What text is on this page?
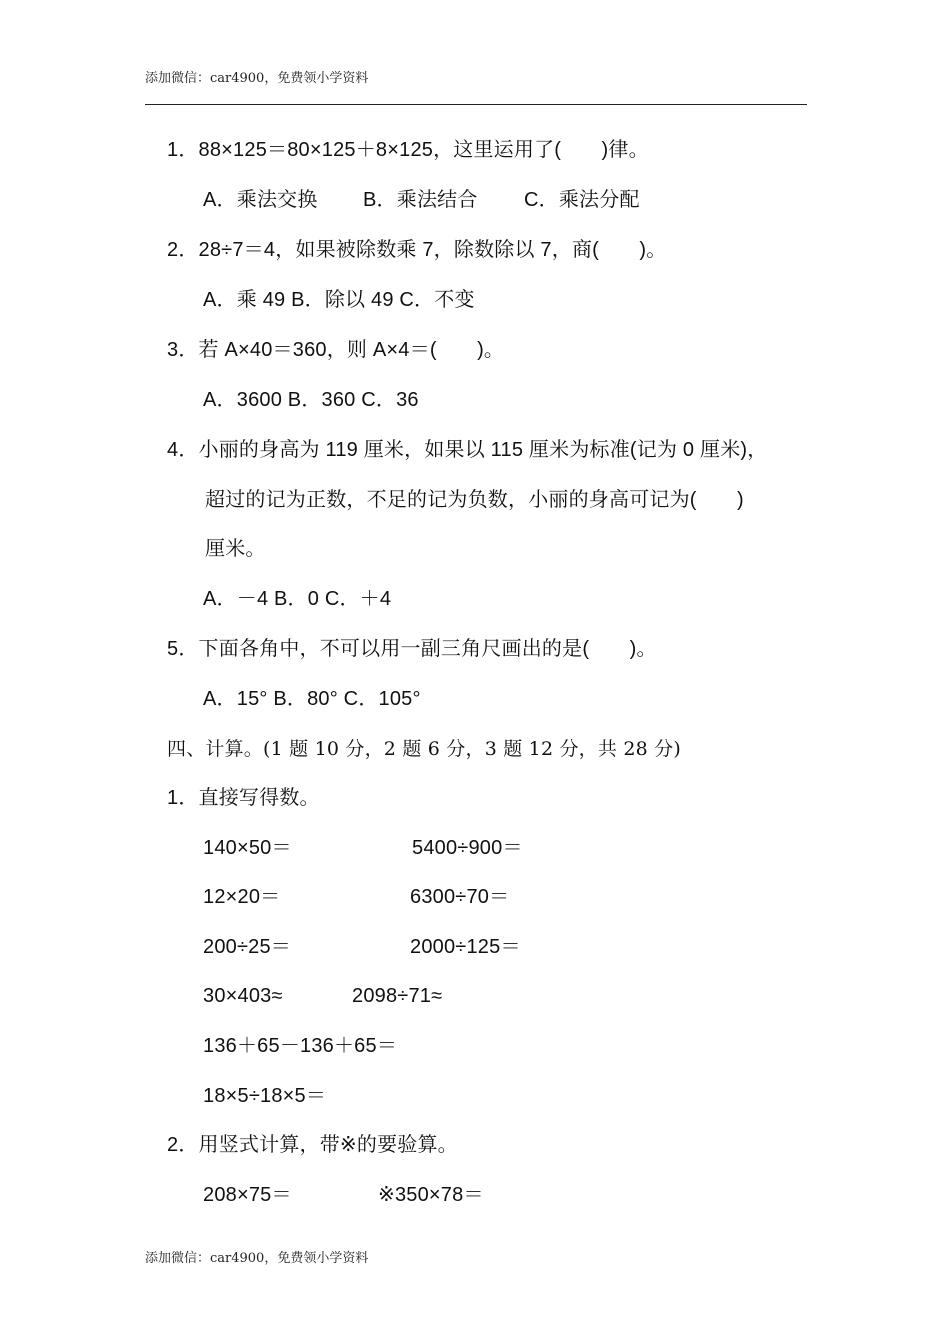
添加微信：car4900，免费领小学资料
1．88×125＝80×125＋8×125，这里运用了(　　)律。
A．乘法交换 B．乘法结合 C．乘法分配
2．28÷7＝4，如果被除数乘 7，除数除以 7，商(　　)。
A．乘 49 B．除以 49 C．不变
3．若 A×40＝360，则 A×4＝(　　)。
A．3600 B．360 C．36
4．小丽的身高为 119 厘米，如果以 115 厘米为标准(记为 0 厘米)，
超过的记为正数，不足的记为负数，小丽的身高可记为(　　)
厘米。
A．－4 B．0 C．＋4
5．下面各角中，不可以用一副三角尺画出的是(　　)。
A．15° B．80° C．105°
四、计算。(1 题 10 分，2 题 6 分，3 题 12 分，共 28 分)
1．直接写得数。
140×50＝	5400÷900＝
12×20＝	6300÷70＝
200÷25＝	2000÷125＝
30×403≈	2098÷71≈
136＋65－136＋65＝
18×5÷18×5＝
2．用竖式计算，带※的要验算。
208×75＝	※350×78＝
添加微信：car4900，免费领小学资料
